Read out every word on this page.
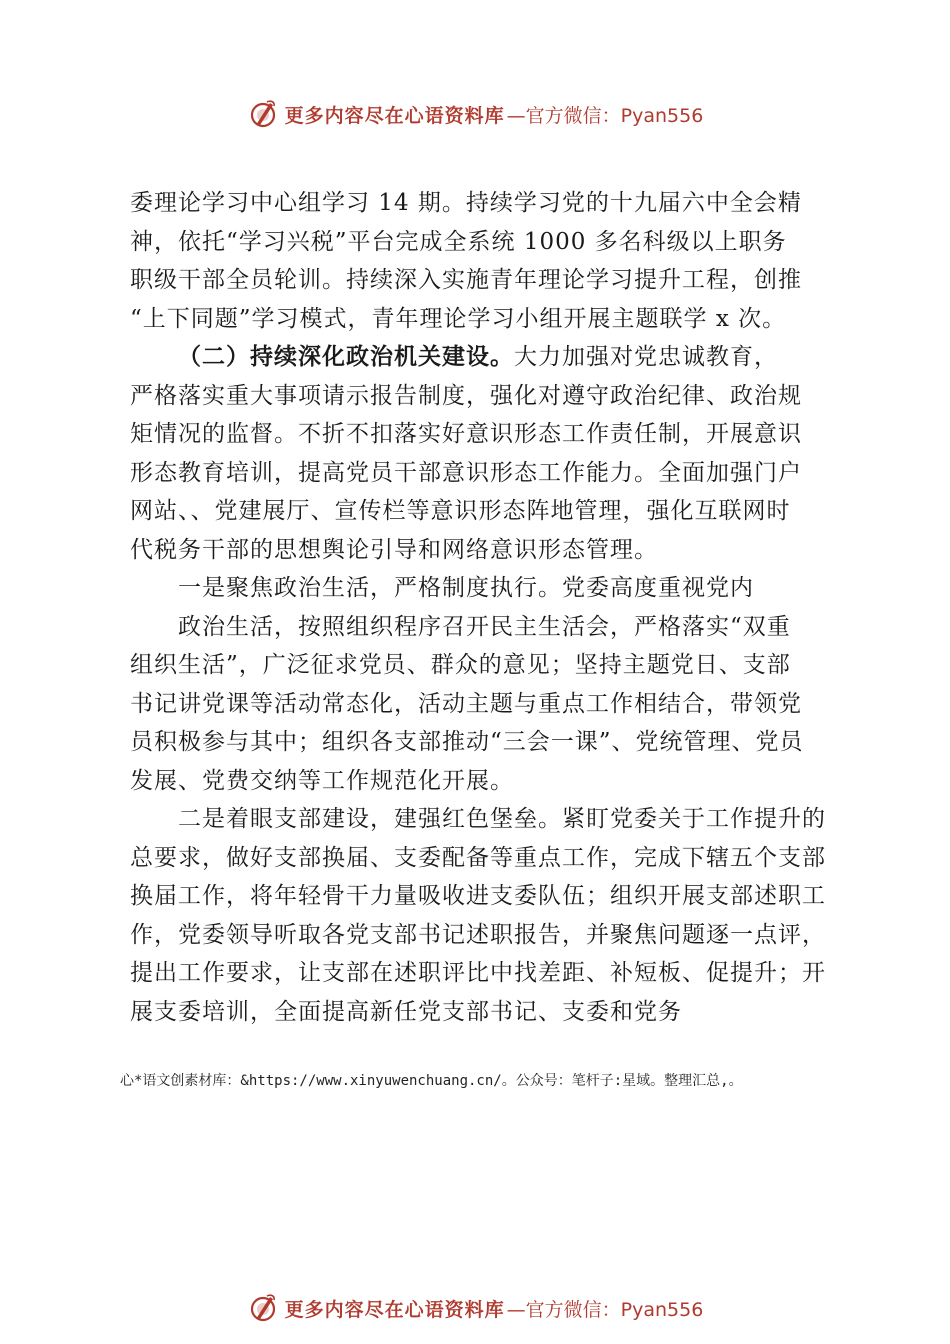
更多内容尽在心语资料库 —官方微信：Pyan556
委理论学习中心组学习 14 期。持续学习党的十九届六中全会精
神，依托“学习兴税”平台完成全系统 1000 多名科级以上职务
职级干部全员轮训。持续深入实施青年理论学习提升工程，创推
“上下同题”学习模式，青年理论学习小组开展主题联学 x 次。
（二）持续深化政治机关建设。大力加强对党忠诚教育，
严格落实重大事项请示报告制度，强化对遵守政治纪律、政治规
矩情况的监督。不折不扣落实好意识形态工作责任制，开展意识
形态教育培训，提高党员干部意识形态工作能力。全面加强门户
网站、、党建展厅、宣传栏等意识形态阵地管理，强化互联网时
代税务干部的思想舆论引导和网络意识形态管理。
一是聚焦政治生活，严格制度执行。党委高度重视党内
政治生活，按照组织程序召开民主生活会，严格落实“双重
组织生活”，广泛征求党员、群众的意见；坚持主题党日、支部
书记讲党课等活动常态化，活动主题与重点工作相结合，带领党
员积极参与其中；组织各支部推动“三会一课”、党统管理、党员
发展、党费交纳等工作规范化开展。
二是着眼支部建设，建强红色堡垒。紧盯党委关于工作提升的
总要求，做好支部换届、支委配备等重点工作，完成下辖五个支部
换届工作，将年轻骨干力量吸收进支委队伍；组织开展支部述职工
作，党委领导听取各党支部书记述职报告，并聚焦问题逐一点评，
提出工作要求，让支部在述职评比中找差距、补短板、促提升；开
展支委培训，全面提高新任党支部书记、支委和党务
心*语文创素材库：&https://www.xinyuwenchuang.cn/。公众号：笔杆子:星域。整理汇总,。
更多内容尽在心语资料库 —官方微信：Pyan556
